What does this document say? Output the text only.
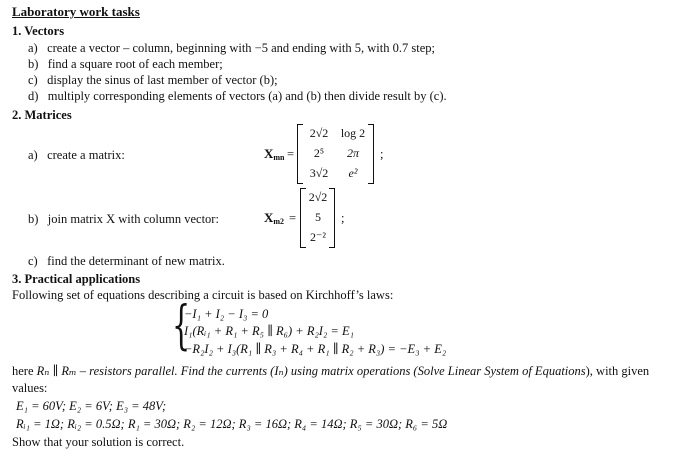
Laboratory work tasks
1. Vectors
a) create a vector – column, beginning with −5 and ending with 5, with 0.7 step;
b) find a square root of each member;
c) display the sinus of last member of vector (b);
d) multiply corresponding elements of vectors (a) and (b) then divide result by (c).
2. Matrices
a) create a matrix:	$X_{mn}$ =
2√2	log 2
2⁵	2π
3√2	e²
;
b) join matrix X with column vector:	$X_{m2}$ =
2√2
5
2⁻²
;
c) find the determinant of new matrix.
3. Practical applications
Following set of equations describing a circuit is based on Kirchhoff’s laws:
{
−I₁ + I₂ − I₃ = 0
I₁(Rᵢ₁ + R₁ + R₅ ∥ R₆) + R₂I₂ = E₁
−R₂I₂ + I₃(R₁ ∥ R₃ + R₄ + R₁ ∥ R₂ + R₃) = −E₃ + E₂
here Rₙ ∥ Rₘ – resistors parallel. Find the currents (Iₙ) using matrix operations (Solve Linear System of Equations), with given
values:
E₁ = 60V; E₂ = 6V; E₃ = 48V;
Rᵢ₁ = 1Ω; Rᵢ₂ = 0.5Ω; R₁ = 30Ω; R₂ = 12Ω; R₃ = 16Ω; R₄ = 14Ω; R₅ = 30Ω; R₆ = 5Ω
Show that your solution is correct.
